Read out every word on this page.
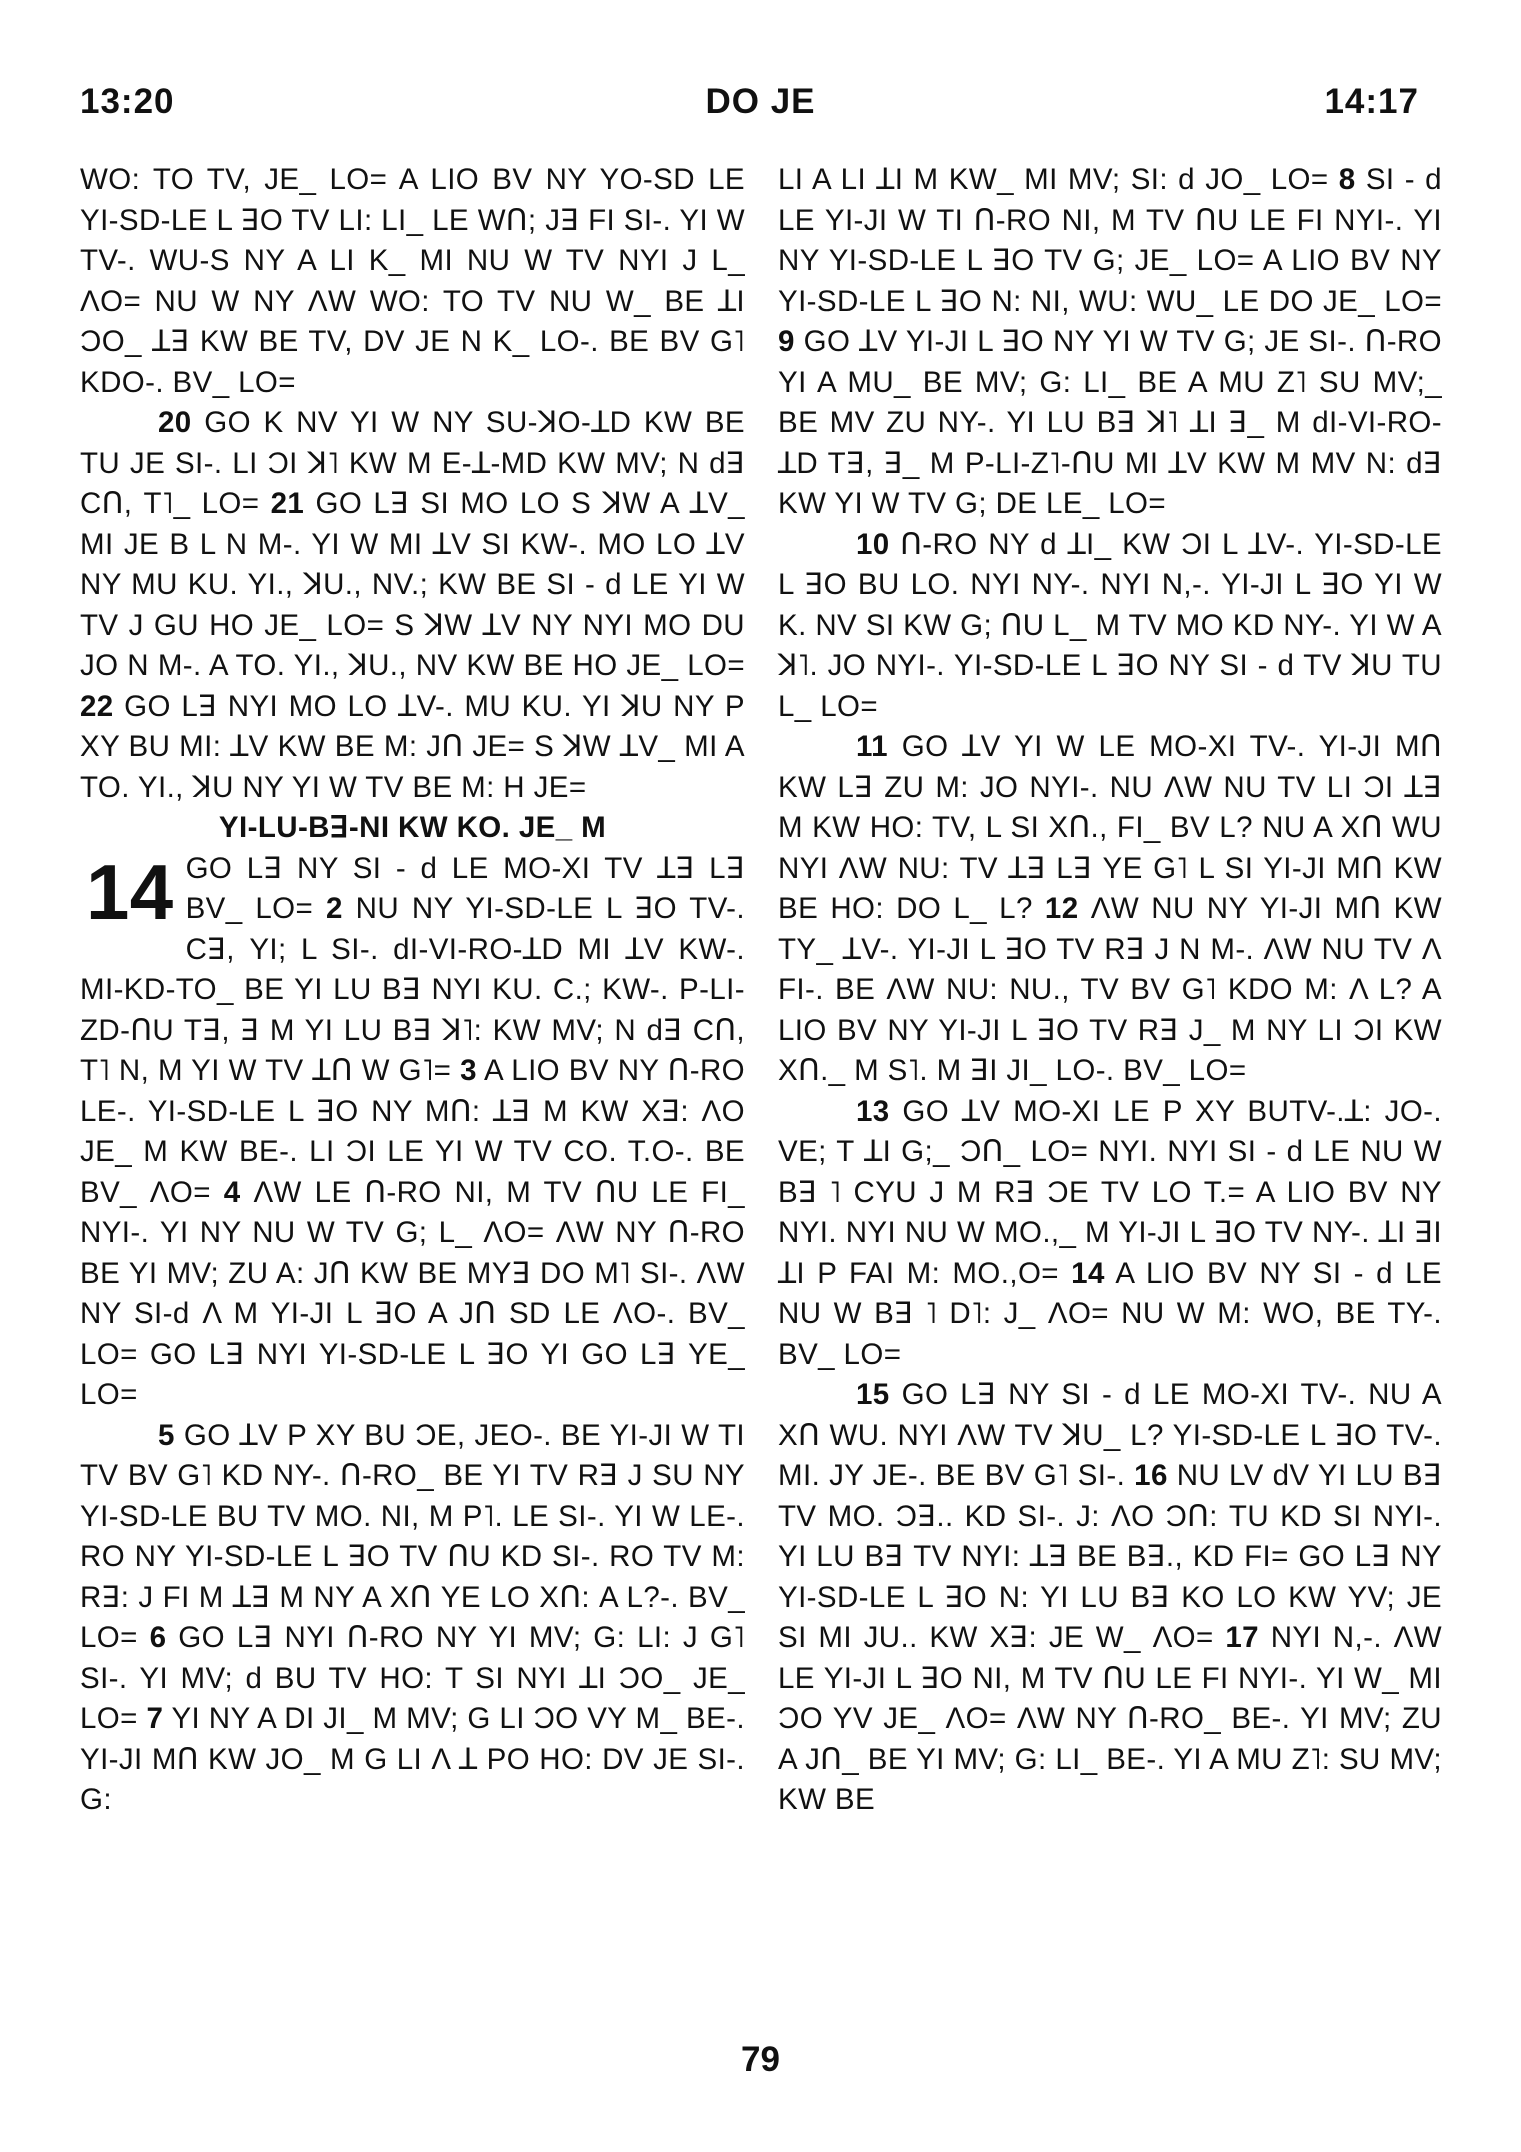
13:20	DO JE	14:17

WO: TO TV, JE_ LO= A LIO BV NY YO-SD LE YI-SD-LE L ꓱO TV LI: LI_ LE Wꓵ; Jꓱ FI SI-. YI W TV-. WU-S NY A LI K_ MI NU W TV NYI J L_ ΛO= NU W NY ΛW WO: TO TV NU W_ BE ꓕI ƆO_ ꓕꓱ KW BE TV, DV JE N K_ LO-. BE BV G˥ KDO-. BV_ LO=

20 GO K NV YI W NY SU-ꓘO-ꓕD KW BE TU JE SI-. LI ƆI ꓘ˥ KW M E-ꓕ-MD KW MV; N dꓱ Cꓵ, T˥_ LO= 21 GO Lꓱ SI MO LO S ꓘW A ꓕV_ MI JE B L N M-. YI W MI ꓕV SI KW-. MO LO ꓕV NY MU KU. YI., ꓘU., NV.; KW BE SI - d LE YI W TV J GU HO JE_ LO= S ꓘW ꓕV NY NYI MO DU JO N M-. A TO. YI., ꓘU., NV KW BE HO JE_ LO= 22 GO Lꓱ NYI MO LO ꓕV-. MU KU. YI ꓘU NY P XY BU MI: ꓕV KW BE M: Jꓵ JE= S ꓘW ꓕV_ MI A TO. YI., ꓘU NY YI W TV BE M: H JE=

YI-LU-Bꓱ-NI KW KO. JE_ M

14 GO Lꓱ NY SI - d LE MO-XI TV ꓕꓱ Lꓱ BV_ LO= 2 NU NY YI-SD-LE L ꓱO TV-. Cꓱ, YI; L SI-. dI-VI-RO-ꓕD MI ꓕV KW-. MI-KD-TO_ BE YI LU Bꓱ NYI KU. C.; KW-. P-LI-ZD-ꓵU Tꓱ, ꓱ M YI LU Bꓱ ꓘ˥: KW MV; N dꓱ Cꓵ, T˥ N, M YI W TV ꓕꓵ W G˥= 3 A LIO BV NY ꓵ-RO LE-. YI-SD-LE L ꓱO NY Mꓵ: ꓕꓱ M KW Xꓱ: ΛO JE_ M KW BE-. LI ƆI LE YI W TV CO. T.O-. BE BV_ ΛO= 4 ΛW LE ꓵ-RO NI, M TV ꓵU LE FI_ NYI-. YI NY NU W TV G; L_ ΛO= ΛW NY ꓵ-RO BE YI MV; ZU A: Jꓵ KW BE MYꓱ DO M˥ SI-. ΛW NY SI-d Λ M YI-JI L ꓱO A Jꓵ SD LE ΛO-. BV_ LO= GO Lꓱ NYI YI-SD-LE L ꓱO YI GO Lꓱ YE_ LO=

5 GO ꓕV P XY BU ƆE, JEO-. BE YI-JI W TI TV BV G˥ KD NY-. ꓵ-RO_ BE YI TV Rꓱ J SU NY YI-SD-LE BU TV MO. NI, M P˥. LE SI-. YI W LE-. RO NY YI-SD-LE L ꓱO TV ꓵU KD SI-. RO TV M: Rꓱ: J FI M ꓕꓱ M NY A Xꓵ YE LO Xꓵ: A L?-. BV_ LO= 6 GO Lꓱ NYI ꓵ-RO NY YI MV; G: LI: J G˥ SI-. YI MV; d BU TV HO: T SI NYI ꓕI ƆO_ JE_ LO= 7 YI NY A DI JI_ M MV; G LI ƆO VY M_ BE-. YI-JI Mꓵ KW JO_ M G LI Λ ꓕ PO HO: DV JE SI-. G:

LI A LI ꓕI M KW_ MI MV; SI: d JO_ LO= 8 SI - d LE YI-JI W TI ꓵ-RO NI, M TV ꓵU LE FI NYI-. YI NY YI-SD-LE L ꓱO TV G; JE_ LO= A LIO BV NY YI-SD-LE L ꓱO N: NI, WU: WU_ LE DO JE_ LO= 9 GO ꓕV YI-JI L ꓱO NY YI W TV G; JE SI-. ꓵ-RO YI A MU_ BE MV; G: LI_ BE A MU Z˥ SU MV;_ BE MV ZU NY-. YI LU Bꓱ ꓘ˥ ꓕI ꓱ_ M dI-VI-RO-ꓕD Tꓱ, ꓱ_ M P-LI-Z˥-ꓵU MI ꓕV KW M MV N: dꓱ KW YI W TV G; DE LE_ LO=

10 ꓵ-RO NY d ꓕI_ KW ƆI L ꓕV-. YI-SD-LE L ꓱO BU LO. NYI NY-. NYI N,-. YI-JI L ꓱO YI W K. NV SI KW G; ꓵU L_ M TV MO KD NY-. YI W A ꓘ˥. JO NYI-. YI-SD-LE L ꓱO NY SI - d TV ꓘU TU L_ LO=

11 GO ꓕV YI W LE MO-XI TV-. YI-JI Mꓵ KW Lꓱ ZU M: JO NYI-. NU ΛW NU TV LI ƆI ꓕꓱ M KW HO: TV, L SI Xꓵ., FI_ BV L? NU A Xꓵ WU NYI ΛW NU: TV ꓕꓱ Lꓱ YE G˥ L SI YI-JI Mꓵ KW BE HO: DO L_ L? 12 ΛW NU NY YI-JI Mꓵ KW TY_ ꓕV-. YI-JI L ꓱO TV Rꓱ J N M-. ΛW NU TV Λ FI-. BE ΛW NU: NU., TV BV G˥ KDO M: Λ L? A LIO BV NY YI-JI L ꓱO TV Rꓱ J_ M NY LI ƆI KW Xꓵ._ M S˥. M ꓱI JI_ LO-. BV_ LO=

13 GO ꓕV MO-XI LE P XY BUTV-.ꓕ: JO-. VE; T ꓕI G;_ Ɔꓵ_ LO= NYI. NYI SI - d LE NU W Bꓱ ˥ CYU J M Rꓱ ƆE TV LO T.= A LIO BV NY NYI. NYI NU W MO.,_ M YI-JI L ꓱO TV NY-. ꓕI ꓱI ꓕI P FAI M: MO.,O= 14 A LIO BV NY SI - d LE NU W Bꓱ ˥ D˥: J_ ΛO= NU W M: WO, BE TY-. BV_ LO=

15 GO Lꓱ NY SI - d LE MO-XI TV-. NU A Xꓵ WU. NYI ΛW TV ꓘU_ L? YI-SD-LE L ꓱO TV-. MI. JY JE-. BE BV G˥ SI-. 16 NU LV dV YI LU Bꓱ TV MO. Ɔꓱ.. KD SI-. J: ΛO Ɔꓵ: TU KD SI NYI-. YI LU Bꓱ TV NYI: ꓕꓱ BE Bꓱ., KD FI= GO Lꓱ NY YI-SD-LE L ꓱO N: YI LU Bꓱ KO LO KW YV; JE SI MI JU.. KW Xꓱ: JE W_ ΛO= 17 NYI N,-. ΛW LE YI-JI L ꓱO NI, M TV ꓵU LE FI NYI-. YI W_ MI ƆO YV JE_ ΛO= ΛW NY ꓵ-RO_ BE-. YI MV; ZU A Jꓵ_ BE YI MV; G: LI_ BE-. YI A MU Z˥: SU MV; KW BE

79
